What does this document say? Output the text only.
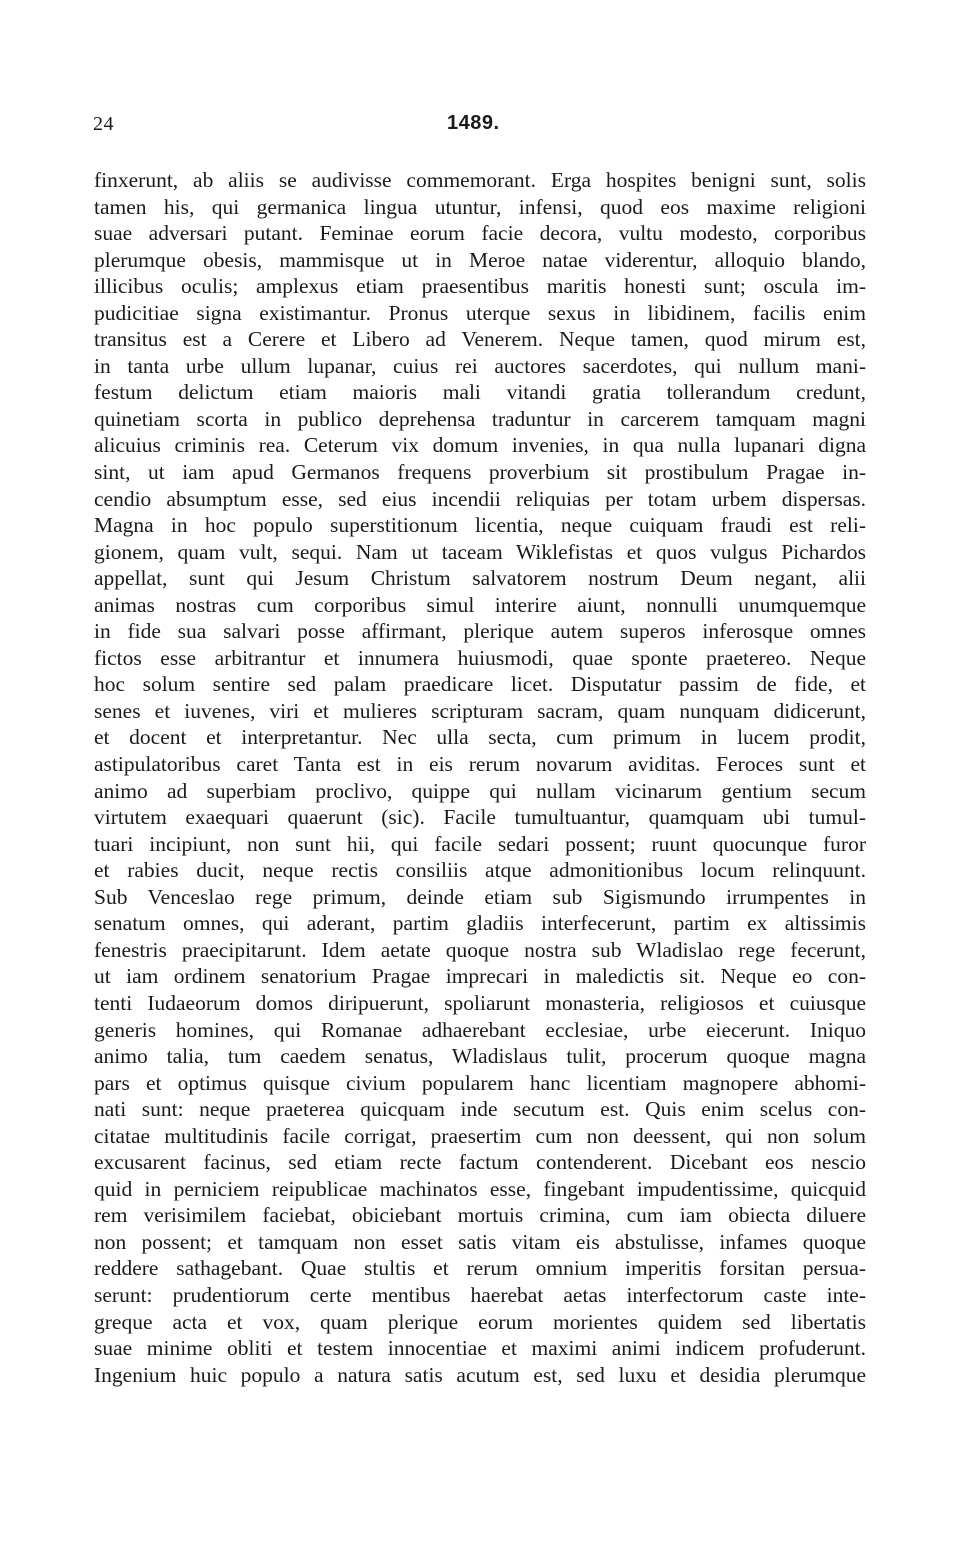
24	1489.
finxerunt, ab aliis se audivisse commemorant. Erga hospites benigni sunt, solis
tamen his, qui germanica lingua utuntur, infensi, quod eos maxime religioni
suae adversari putant. Feminae eorum facie decora, vultu modesto, corporibus
plerumque obesis, mammisque ut in Meroe natae viderentur, alloquio blando,
illicibus oculis; amplexus etiam praesentibus maritis honesti sunt; oscula im-
pudicitiae signa existimantur. Pronus uterque sexus in libidinem, facilis enim
transitus est a Cerere et Libero ad Venerem. Neque tamen, quod mirum est,
in tanta urbe ullum lupanar, cuius rei auctores sacerdotes, qui nullum mani-
festum delictum etiam maioris mali vitandi gratia tollerandum credunt,
quinetiam scorta in publico deprehensa traduntur in carcerem tamquam magni
alicuius criminis rea. Ceterum vix domum invenies, in qua nulla lupanari digna
sint, ut iam apud Germanos frequens proverbium sit prostibulum Pragae in-
cendio absumptum esse, sed eius incendii reliquias per totam urbem dispersas.
Magna in hoc populo superstitionum licentia, neque cuiquam fraudi est reli-
gionem, quam vult, sequi. Nam ut taceam Wiklefistas et quos vulgus Pichardos
appellat, sunt qui Jesum Christum salvatorem nostrum Deum negant, alii
animas nostras cum corporibus simul interire aiunt, nonnulli unumquemque
in fide sua salvari posse affirmant, plerique autem superos inferosque omnes
fictos esse arbitrantur et innumera huiusmodi, quae sponte praetereo. Neque
hoc solum sentire sed palam praedicare licet. Disputatur passim de fide, et
senes et iuvenes, viri et mulieres scripturam sacram, quam nunquam didicerunt,
et docent et interpretantur. Nec ulla secta, cum primum in lucem prodit,
astipulatoribus caret Tanta est in eis rerum novarum aviditas. Feroces sunt et
animo ad superbiam proclivo, quippe qui nullam vicinarum gentium secum
virtutem exaequari quaerunt (sic). Facile tumultuantur, quamquam ubi tumul-
tuari incipiunt, non sunt hii, qui facile sedari possent; ruunt quocunque furor
et rabies ducit, neque rectis consiliis atque admonitionibus locum relinquunt.
Sub Venceslao rege primum, deinde etiam sub Sigismundo irrumpentes in
senatum omnes, qui aderant, partim gladiis interfecerunt, partim ex altissimis
fenestris praecipitarunt. Idem aetate quoque nostra sub Wladislao rege fecerunt,
ut iam ordinem senatorium Pragae imprecari in maledictis sit. Neque eo con-
tenti Iudaeorum domos diripuerunt, spoliarunt monasteria, religiosos et cuiusque
generis homines, qui Romanae adhaerebant ecclesiae, urbe eiecerunt. Iniquo
animo talia, tum caedem senatus, Wladislaus tulit, procerum quoque magna
pars et optimus quisque civium popularem hanc licentiam magnopere abhomi-
nati sunt: neque praeterea quicquam inde secutum est. Quis enim scelus con-
citatae multitudinis facile corrigat, praesertim cum non deessent, qui non solum
excusarent facinus, sed etiam recte factum contenderent. Dicebant eos nescio
quid in perniciem reipublicae machinatos esse, fingebant impudentissime, quicquid
rem verisimilem faciebat, obiciebant mortuis crimina, cum iam obiecta diluere
non possent; et tamquam non esset satis vitam eis abstulisse, infames quoque
reddere sathagebant. Quae stultis et rerum omnium imperitis forsitan persua-
serunt: prudentiorum certe mentibus haerebat aetas interfectorum caste inte-
greque acta et vox, quam plerique eorum morientes quidem sed libertatis
suae minime obliti et testem innocentiae et maximi animi indicem profuderunt.
Ingenium huic populo a natura satis acutum est, sed luxu et desidia plerumque
